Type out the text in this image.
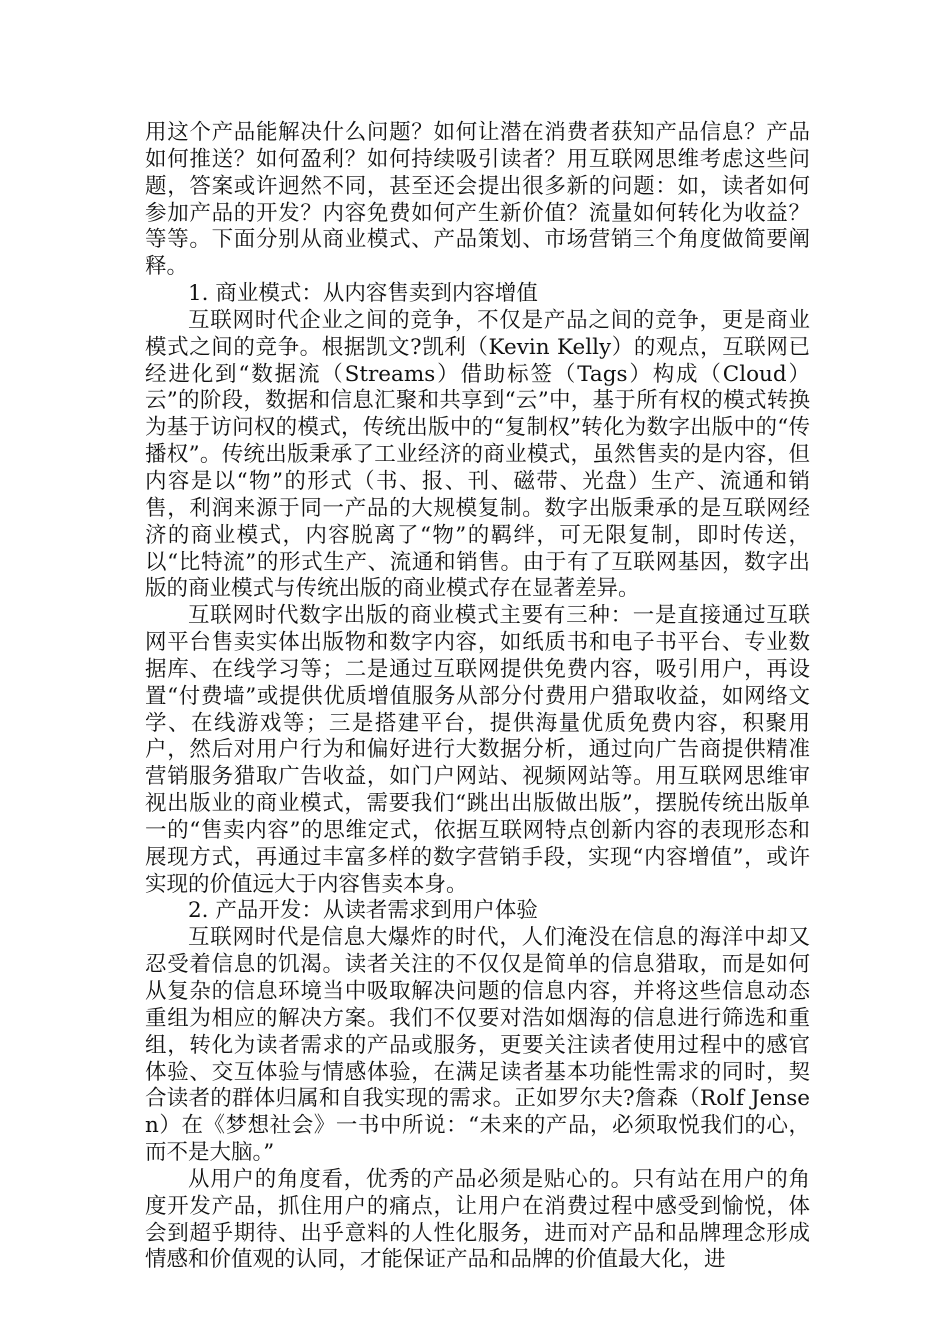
用这个产品能解决什么问题？如何让潜在消费者获知产品信息？产品如何推送？如何盈利？如何持续吸引读者？用互联网思维考虑这些问题，答案或许迥然不同，甚至还会提出很多新的问题：如，读者如何参加产品的开发？内容免费如何产生新价值？流量如何转化为收益？等等。下面分别从商业模式、产品策划、市场营销三个角度做简要阐释。

1. 商业模式：从内容售卖到内容增值

互联网时代企业之间的竞争，不仅是产品之间的竞争，更是商业模式之间的竞争。根据凯文?凯利（Kevin Kelly）的观点，互联网已经进化到“数据流（Streams）借助标签（Tags）构成（Cloud）云”的阶段，数据和信息汇聚和共享到“云”中，基于所有权的模式转换为基于访问权的模式，传统出版中的“复制权”转化为数字出版中的“传播权”。传统出版秉承了工业经济的商业模式，虽然售卖的是内容，但内容是以“物”的形式（书、报、刊、磁带、光盘）生产、流通和销售，利润来源于同一产品的大规模复制。数字出版秉承的是互联网经济的商业模式，内容脱离了“物”的羁绊，可无限复制，即时传送，以“比特流”的形式生产、流通和销售。由于有了互联网基因，数字出版的商业模式与传统出版的商业模式存在显著差异。

互联网时代数字出版的商业模式主要有三种：一是直接通过互联网平台售卖实体出版物和数字内容，如纸质书和电子书平台、专业数据库、在线学习等；二是通过互联网提供免费内容，吸引用户，再设置“付费墙”或提供优质增值服务从部分付费用户猎取收益，如网络文学、在线游戏等；三是搭建平台，提供海量优质免费内容，积聚用户，然后对用户行为和偏好进行大数据分析，通过向广告商提供精准营销服务猎取广告收益，如门户网站、视频网站等。用互联网思维审视出版业的商业模式，需要我们“跳出出版做出版”，摆脱传统出版单一的“售卖内容”的思维定式，依据互联网特点创新内容的表现形态和展现方式，再通过丰富多样的数字营销手段，实现“内容增值”，或许实现的价值远大于内容售卖本身。

2. 产品开发：从读者需求到用户体验

互联网时代是信息大爆炸的时代，人们淹没在信息的海洋中却又忍受着信息的饥渴。读者关注的不仅仅是简单的信息猎取，而是如何从复杂的信息环境当中吸取解决问题的信息内容，并将这些信息动态重组为相应的解决方案。我们不仅要对浩如烟海的信息进行筛选和重组，转化为读者需求的产品或服务，更要关注读者使用过程中的感官体验、交互体验与情感体验，在满足读者基本功能性需求的同时，契合读者的群体归属和自我实现的需求。正如罗尔夫?詹森（Rolf Jensen）在《梦想社会》一书中所说：“未来的产品，必须取悦我们的心，而不是大脑。”

从用户的角度看，优秀的产品必须是贴心的。只有站在用户的角度开发产品，抓住用户的痛点，让用户在消费过程中感受到愉悦，体会到超乎期待、出乎意料的人性化服务，进而对产品和品牌理念形成情感和价值观的认同，才能保证产品和品牌的价值最大化，进
